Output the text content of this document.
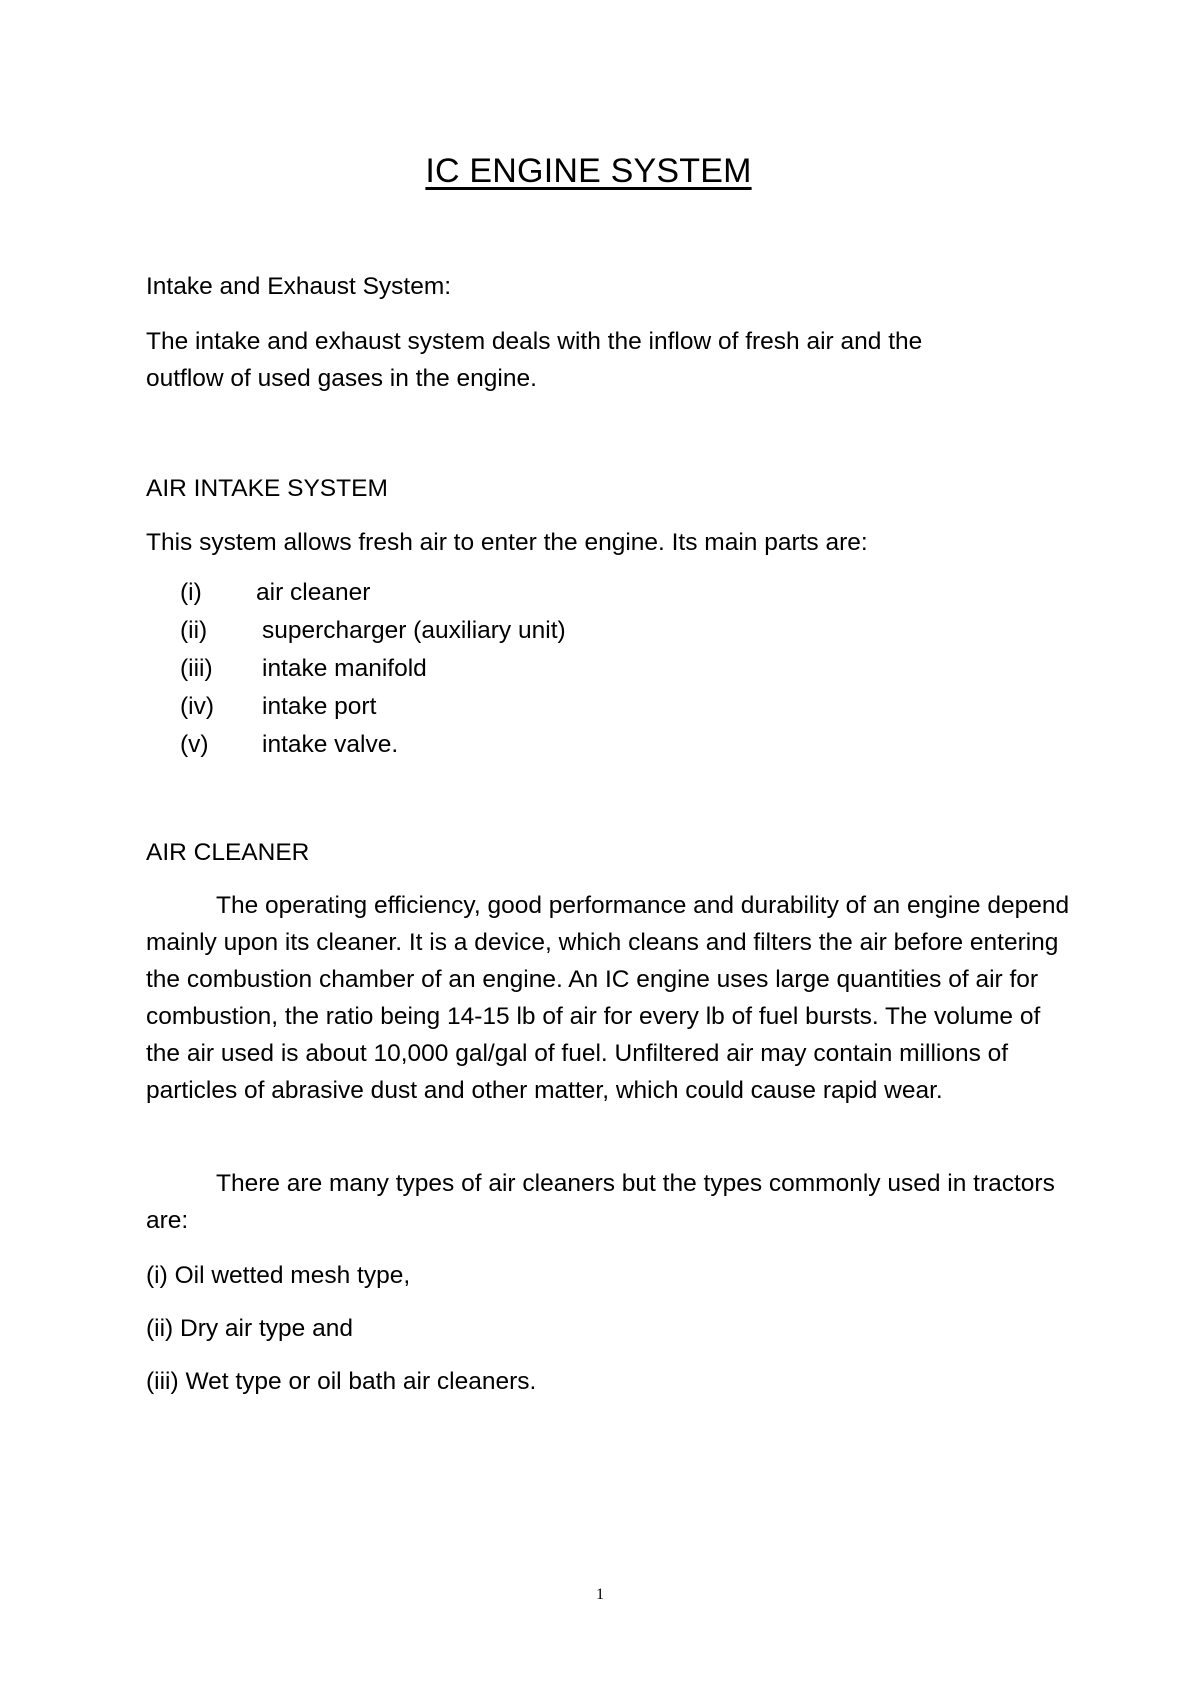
IC ENGINE SYSTEM

Intake and Exhaust System:

The intake and exhaust system deals with the inflow of fresh air and the

outflow of used gases in the engine.

AIR INTAKE SYSTEM

This system allows fresh air to enter the engine. Its main parts are:

(i) air cleaner
(ii) supercharger (auxiliary unit)
(iii) intake manifold
(iv) intake port
(v) intake valve.

AIR CLEANER

The operating efficiency, good performance and durability of an engine depend mainly upon its cleaner. It is a device, which cleans and filters the air before entering the combustion chamber of an engine. An IC engine uses large quantities of air for combustion, the ratio being 14-15 lb of air for every lb of fuel bursts. The volume of the air used is about 10,000 gal/gal of fuel. Unfiltered air may contain millions of particles of abrasive dust and other matter, which could cause rapid wear.

There are many types of air cleaners but the types commonly used in tractors are:

(i) Oil wetted mesh type,

(ii) Dry air type and

(iii) Wet type or oil bath air cleaners.

1
